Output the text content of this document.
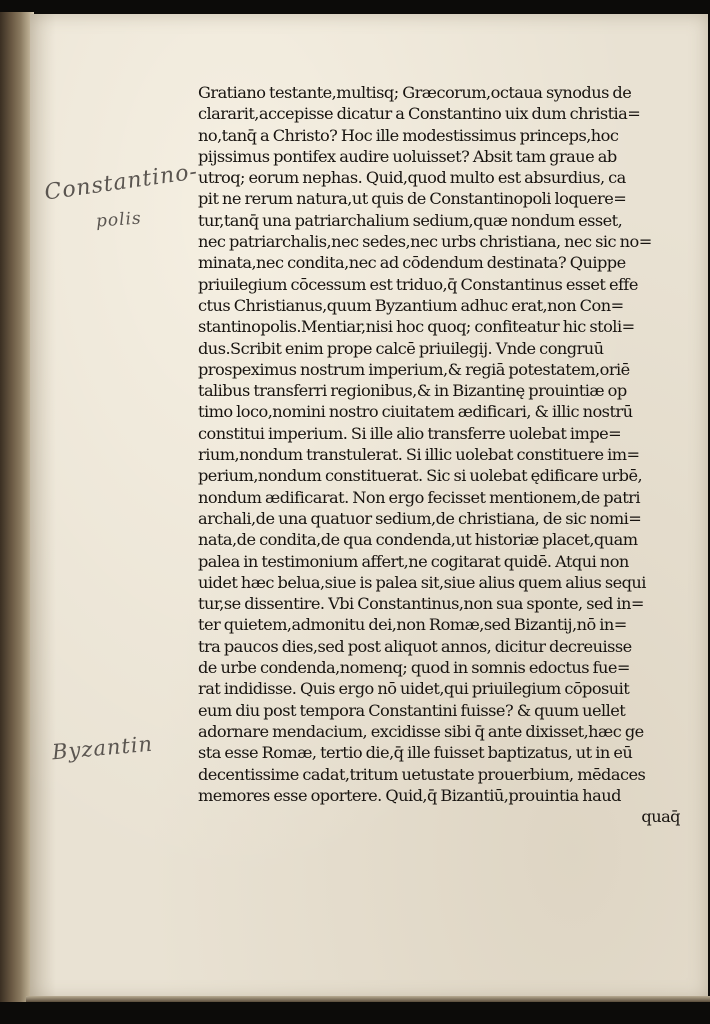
Constantino-
polis
Byzantin
Gratiano testante,multisq; Græcorum,octaua synodus de
clararit,accepisse dicatur a Constantino uix dum christia=
no,tanq̄ a Christo? Hoc ille modestissimus princeps,hoc
pijssimus pontifex audire uoluisset? Absit tam graue ab
utroq; eorum nephas. Quid,quod multo est absurdius, ca
pit ne rerum natura,ut quis de Constantinopoli loquere=
tur,tanq̄ una patriarchalium sedium,quæ nondum esset,
nec patriarchalis,nec sedes,nec urbs christiana, nec sic no=
minata,nec condita,nec ad cōdendum destinata? Quippe
priuilegium cōcessum est triduo,q̄ Constantinus esset effe
ctus Christianus,quum Byzantium adhuc erat,non Con=
stantinopolis.Mentiar,nisi hoc quoq; confiteatur hic stoli=
dus.Scribit enim prope calcē priuilegij. Vnde congruū
prospeximus nostrum imperium,& regiā potestatem,oriē
talibus transferri regionibus,& in Bizantinę prouintiæ op
timo loco,nomini nostro ciuitatem ædificari, & illic nostrū
constitui imperium. Si ille alio transferre uolebat impe=
rium,nondum transtulerat. Si illic uolebat constituere im=
perium,nondum constituerat. Sic si uolebat ędificare urbē,
nondum ædificarat. Non ergo fecisset mentionem,de patri
archali,de una quatuor sedium,de christiana, de sic nomi=
nata,de condita,de qua condenda,ut historiæ placet,quam
palea in testimonium affert,ne cogitarat quidē. Atqui non
uidet hæc belua,siue is palea sit,siue alius quem alius sequi
tur,se dissentire. Vbi Constantinus,non sua sponte, sed in=
ter quietem,admonitu dei,non Romæ,sed Bizantij,nō in=
tra paucos dies,sed post aliquot annos, dicitur decreuisse
de urbe condenda,nomenq; quod in somnis edoctus fue=
rat indidisse. Quis ergo nō uidet,qui priuilegium cōposuit
eum diu post tempora Constantini fuisse? & quum uellet
adornare mendacium, excidisse sibi q̄ ante dixisset,hæc ge
sta esse Romæ, tertio die,q̄ ille fuisset baptizatus, ut in eū
decentissime cadat,tritum uetustate prouerbium, mēdaces
memores esse oportere. Quid,q̄ Bizantiū,prouintia haud
quaq̄
